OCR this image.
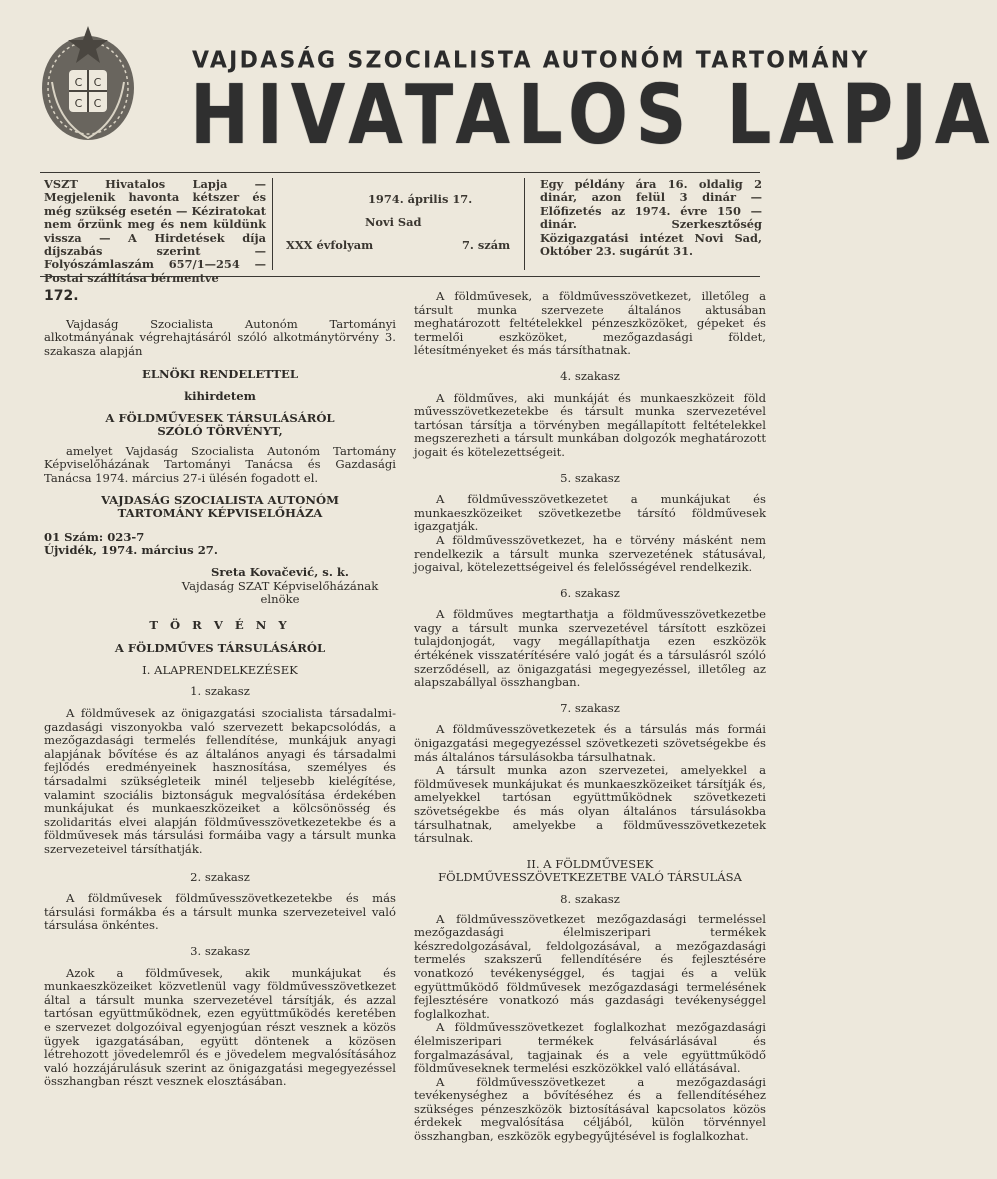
C C
C C
VAJDASÁG SZOCIALISTA AUTONÓM TARTOMÁNY
HIVATALOS LAPJA
VSZT Hivatalos Lapja — Megjelenik havonta kétszer és még szükség esetén — Kéziratokat nem őrzünk meg és nem küldünk vissza — A Hirdetések díja díjszabás szerint — Folyószámlaszám 657/1—254 — Postai szállítása bérmentve
1974. április 17.
Novi Sad
XXX évfolyam	7. szám
Egy példány ára 16. oldalig 2 dinár, azon felül 3 dinár — Előfizetés az 1974. évre 150 — dinár. Szerkesztőség Közigazgatási intézet Novi Sad, Október 23. sugárút 31.
172.

Vajdaság Szocialista Autonóm Tartományi alkotmányának végrehajtásáról szóló alkotmánytörvény 3. szakasza alapján

ELNÖKI RENDELETTEL

kihirdetem

A FÖLDMŰVESEK TÁRSULÁSÁRÓL SZÓLÓ TÖRVÉNYT,

amelyet Vajdaság Szocialista Autonóm Tartomány Képviselőházának Tartományi Tanácsa és Gazdasági Tanácsa 1974. március 27-i ülésén fogadott el.

VAJDASÁG SZOCIALISTA AUTONÓM TARTOMÁNY KÉPVISELŐHÁZA

01 Szám: 023-7

Újvidék, 1974. március 27.

Sreta Kovačević, s. k.

Vajdaság SZAT Képviselőházának elnöke

T Ö R V É N Y

A FÖLDMŰVES TÁRSULÁSÁRÓL

I. ALAPRENDELKEZÉSEK

1. szakasz

A földművesek az önigazgatási szocialista társadalmi-gazdasági viszonyokba való szervezett bekapcsolódás, a mezőgazdasági termelés fellendítése, munkájuk anyagi alapjának bővítése és az általános anyagi és társadalmi fejlődés eredményeinek hasznosítása, személyes és társadalmi szükségleteik minél teljesebb kielégítése, valamint szociális biztonságuk megvalósítása érdekében munkájukat és munkaeszközeiket a kölcsönösség és szolidaritás elvei alapján földművesszövetkezetekbe és a földművesek más társulási formáiba vagy a társult munka szervezeteivel társíthatják.

2. szakasz

A földművesek földművesszövetkezetekbe és más társulási formákba és a társult munka szervezeteivel való társulása önkéntes.

3. szakasz

Azok a földművesek, akik munkájukat és munkaeszközeiket közvetlenül vagy földművesszövetkezet által a társult munka szervezetével társítják, és azzal tartósan együttműködnek, ezen együttműködés keretében e szervezet dolgozóival egyenjogúan részt vesznek a közös ügyek igazgatásában, együtt döntenek a közösen létrehozott jövedelemről és e jövedelem megvalósításához való hozzájárulásuk szerint az önigazgatási megegyezéssel összhangban részt vesznek elosztásában.

A földművesek, a földművesszövetkezet, illetőleg a társult munka szervezete általános aktusában meghatározott feltételekkel pénzeszközöket, gépeket és termelői eszközöket, mezőgazdasági földet, létesítményeket és más társíthatnak.

4. szakasz

A földműves, aki munkáját és munkaeszközeit föld művesszövetkezetekbe és társult munka szervezetével tartósan társítja a törvényben megállapított feltételekkel megszerezheti a társult munkában dolgozók meghatározott jogait és kötelezettségeit.

5. szakasz

A földművesszövetkezetet a munkájukat és munkaeszközeiket szövetkezetbe társító földművesek igazgatják.

A földművesszövetkezet, ha e törvény másként nem rendelkezik a társult munka szervezetének státusával, jogaival, kötelezettségeivel és felelősségével rendelkezik.

6. szakasz

A földműves megtarthatja a földművesszövetkezetbe vagy a társult munka szervezetével társított eszközei tulajdonjogát, vagy megállapíthatja ezen eszközök értékének visszatérítésére való jogát és a társulásról szóló szerződésell, az önigazgatási megegyezéssel, illetőleg az alapszabállyal összhangban.

7. szakasz

A földművesszövetkezetek és a társulás más formái önigazgatási megegyezéssel szövetkezeti szövetségekbe és más általános társulásokba társulhatnak.

A társult munka azon szervezetei, amelyekkel a földművesek munkájukat és munkaeszközeiket társítják és, amelyekkel tartósan együttműködnek szövetkezeti szövetségekbe és más olyan általános társulásokba társulhatnak, amelyekbe a földművesszövetkezetek társulnak.

II. A FÖLDMŰVESEK

FÖLDMŰVESSZÖVETKEZETBE VALÓ TÁRSULÁSA

8. szakasz

A földművesszövetkezet mezőgazdasági termeléssel mezőgazdasági élelmiszeripari termékek készredolgozásával, feldolgozásával, a mezőgazdasági termelés szakszerű fellendítésére és fejlesztésére vonatkozó tevékenységgel, és tagjai és a velük együttműködő földművesek mezőgazdasági termelésének fejlesztésére vonatkozó más gazdasági tevékenységgel foglalkozhat.

A földművesszövetkezet foglalkozhat mezőgazdasági élelmiszeripari termékek felvásárlásával és forgalmazásával, tagjainak és a vele együttműködő földműveseknek termelési eszközökkel való ellátásával.

A földművesszövetkezet a mezőgazdasági tevékenységhez a bővítéséhez és a fellendítéséhez szükséges pénzeszközök biztosításával kapcsolatos közös érdekek megvalósítása céljából, külön törvénnyel összhangban, eszközök egybegyűjtésével is foglalkozhat.
